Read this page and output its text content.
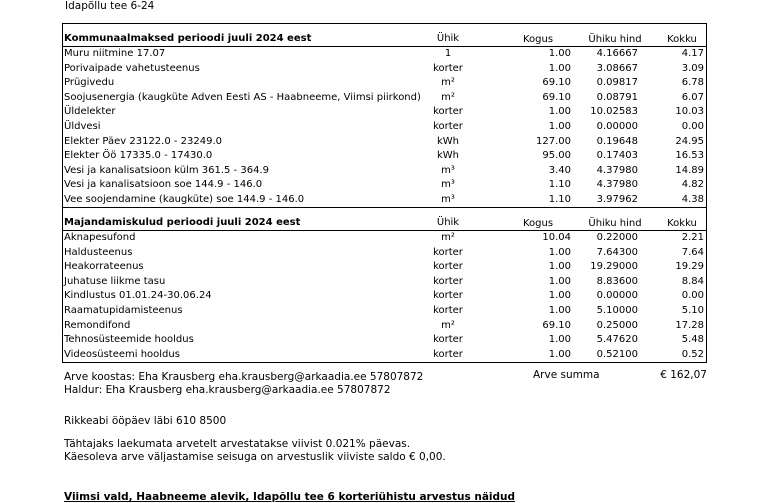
Idapõllu tee 6-24
Kommunaalmaksed perioodi juuli 2024 eest	Ühik	Kogus	Ühiku hind	Kokku
Muru niitmine 17.07	1	1.00	4.16667	4.17
Porivaipade vahetusteenus	korter	1.00	3.08667	3.09
Prügivedu	m²	69.10	0.09817	6.78
Soojusenergia (kaugküte Adven Eesti AS - Haabneeme, Viimsi piirkond)	m²	69.10	0.08791	6.07
Üldelekter	korter	1.00 10.02583	10.03
Üldvesi	korter	1.00	0.00000	0.00
Elekter Päev 23122.0 - 23249.0	kWh	127.00	0.19648	24.95
Elekter Öö 17335.0 - 17430.0	kWh	95.00	0.17403	16.53
Vesi ja kanalisatsioon külm 361.5 - 364.9	m³	3.40	4.37980	14.89
Vesi ja kanalisatsioon soe 144.9 - 146.0	m³	1.10	4.37980	4.82
Vee soojendamine (kaugküte) soe 144.9 - 146.0	m³	1.10	3.97962	4.38
Majandamiskulud perioodi juuli 2024 eest	Ühik	Kogus	Ühiku hind	Kokku
Aknapesufond	m²	10.04	0.22000	2.21
Haldusteenus	korter	1.00	7.64300	7.64
Heakorrateenus	korter	1.00 19.29000	19.29
Juhatuse liikme tasu	korter	1.00	8.83600	8.84
Kindlustus 01.01.24-30.06.24	korter	1.00	0.00000	0.00
Raamatupidamisteenus	korter	1.00	5.10000	5.10
Remondifond	m²	69.10	0.25000	17.28
Tehnosüsteemide hooldus	korter	1.00	5.47620	5.48
Videosüsteemi hooldus	korter	1.00	0.52100	0.52
Arve koostas: Eha Krausberg eha.krausberg@arkaadia.ee 57807872	Arve summa	€ 162,07
Haldur: Eha Krausberg eha.krausberg@arkaadia.ee 57807872
Rikkeabi ööpäev läbi 610 8500
Tähtajaks laekumata arvetelt arvestatakse viivist 0.021% päevas.
Käesoleva arve väljastamise seisuga on arvestuslik viiviste saldo € 0,00.
Viimsi vald, Haabneeme alevik, Idapõllu tee 6 korteriühistu arvestus näidud
